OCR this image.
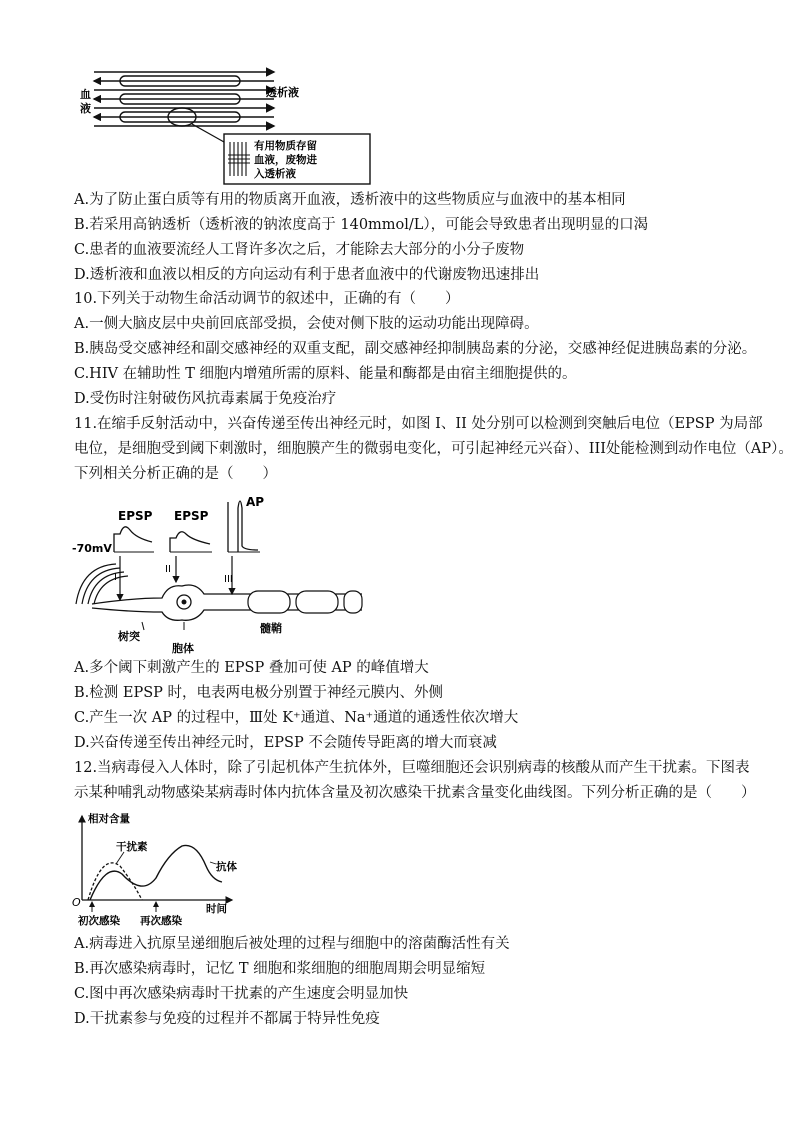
血
液
透析液
有用物质存留
血液，废物进
入透析液
A.为了防止蛋白质等有用的物质离开血液，透析液中的这些物质应与血液中的基本相同
B.若采用高钠透析（透析液的钠浓度高于 140mmol/L），可能会导致患者出现明显的口渴
C.患者的血液要流经人工肾许多次之后，才能除去大部分的小分子废物
D.透析液和血液以相反的方向运动有利于患者血液中的代谢废物迅速排出
10.下列关于动物生命活动调节的叙述中，正确的有（　　）
A.一侧大脑皮层中央前回底部受损，会使对侧下肢的运动功能出现障碍。
B.胰岛受交感神经和副交感神经的双重支配，副交感神经抑制胰岛素的分泌，交感神经促进胰岛素的分泌。
C.HIV 在辅助性 T 细胞内增殖所需的原料、能量和酶都是由宿主细胞提供的。
D.受伤时注射破伤风抗毒素属于免疫治疗
11.在缩手反射活动中，兴奋传递至传出神经元时，如图 I、II 处分别可以检测到突触后电位（EPSP 为局部
电位，是细胞受到阈下刺激时，细胞膜产生的微弱电变化，可引起神经元兴奋）、III处能检测到动作电位（AP）。
下列相关分析正确的是（　　）
EPSP EPSP
AP
-70mV
I
II
III
树突
胞体
髓鞘
A.多个阈下刺激产生的 EPSP 叠加可使 AP 的峰值增大
B.检测 EPSP 时，电表两电极分别置于神经元膜内、外侧
C.产生一次 AP 的过程中，Ⅲ处 K⁺通道、Na⁺通道的通透性依次增大
D.兴奋传递至传出神经元时，EPSP 不会随传导距离的增大而衰减
12.当病毒侵入人体时，除了引起机体产生抗体外，巨噬细胞还会识别病毒的核酸从而产生干扰素。下图表
示某种哺乳动物感染某病毒时体内抗体含量及初次感染干扰素含量变化曲线图。下列分析正确的是（　　）
相对含量
时间
O
干扰素
抗体
初次感染 再次感染
A.病毒进入抗原呈递细胞后被处理的过程与细胞中的溶菌酶活性有关
B.再次感染病毒时，记忆 T 细胞和浆细胞的细胞周期会明显缩短
C.图中再次感染病毒时干扰素的产生速度会明显加快
D.干扰素参与免疫的过程并不都属于特异性免疫
